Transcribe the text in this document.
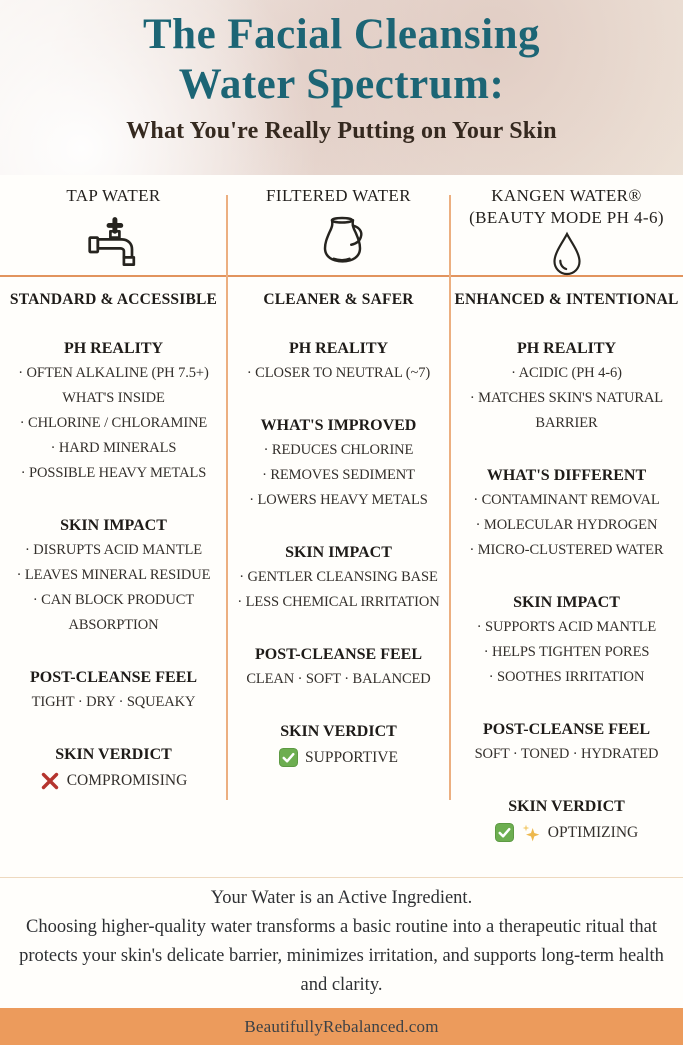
The Facial Cleansing
Water Spectrum:
What You're Really Putting on Your Skin
TAP WATER	FILTERED WATER	KANGEN WATER®
(BEAUTY MODE PH 4-6)
STANDARD & ACCESSIBLE
PH REALITY
· OFTEN ALKALINE (PH 7.5+)
WHAT'S INSIDE
· CHLORINE / CHLORAMINE
· HARD MINERALS
· POSSIBLE HEAVY METALS
SKIN IMPACT
· DISRUPTS ACID MANTLE
· LEAVES MINERAL RESIDUE
· CAN BLOCK PRODUCT ABSORPTION
POST-CLEANSE FEEL
TIGHT · DRY · SQUEAKY
SKIN VERDICT
COMPROMISING
CLEANER & SAFER
PH REALITY
· CLOSER TO NEUTRAL (~7)
WHAT'S IMPROVED
· REDUCES CHLORINE
· REMOVES SEDIMENT
· LOWERS HEAVY METALS
SKIN IMPACT
· GENTLER CLEANSING BASE
· LESS CHEMICAL IRRITATION
POST-CLEANSE FEEL
CLEAN · SOFT · BALANCED
SKIN VERDICT
SUPPORTIVE
ENHANCED & INTENTIONAL
PH REALITY
· ACIDIC (PH 4-6)
· MATCHES SKIN'S NATURAL BARRIER
WHAT'S DIFFERENT
· CONTAMINANT REMOVAL
· MOLECULAR HYDROGEN
· MICRO-CLUSTERED WATER
SKIN IMPACT
· SUPPORTS ACID MANTLE
· HELPS TIGHTEN PORES
· SOOTHES IRRITATION
POST-CLEANSE FEEL
SOFT · TONED · HYDRATED
SKIN VERDICT
OPTIMIZING

Your Water is an Active Ingredient.

Choosing higher-quality water transforms a basic routine into a therapeutic ritual that protects your skin's delicate barrier, minimizes irritation, and supports long-term health and clarity.

BeautifullyRebalanced.com
